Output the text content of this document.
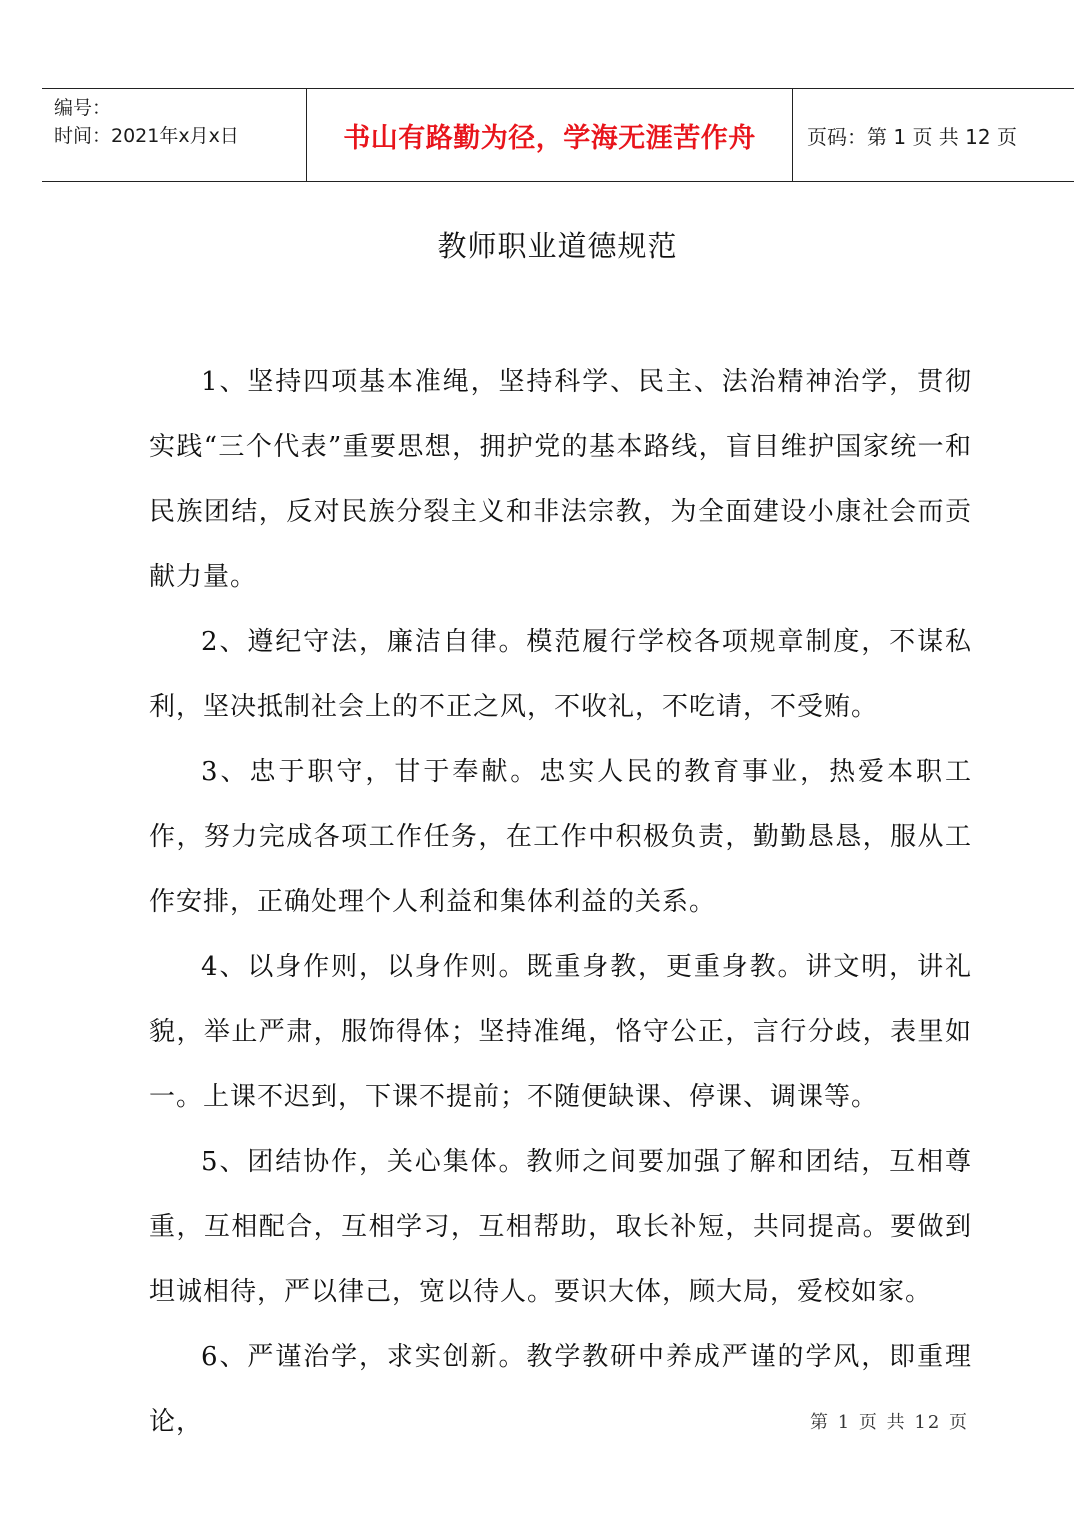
编号：
时间：2021年x月x日	书山有路勤为径，学海无涯苦作舟	页码：第 1 页 共 12 页
教师职业道德规范

1、坚持四项基本准绳，坚持科学、民主、法治精神治学，贯彻实践“三个代表”重要思想，拥护党的基本路线，盲目维护国家统一和民族团结，反对民族分裂主义和非法宗教，为全面建设小康社会而贡献力量。

2、遵纪守法，廉洁自律。模范履行学校各项规章制度，不谋私利，坚决抵制社会上的不正之风，不收礼，不吃请，不受贿。

3、忠于职守，甘于奉献。忠实人民的教育事业，热爱本职工作，努力完成各项工作任务，在工作中积极负责，勤勤恳恳，服从工作安排，正确处理个人利益和集体利益的关系。

4、以身作则，以身作则。既重身教，更重身教。讲文明，讲礼貌，举止严肃，服饰得体；坚持准绳，恪守公正，言行分歧，表里如一。上课不迟到，下课不提前；不随便缺课、停课、调课等。

5、团结协作，关心集体。教师之间要加强了解和团结，互相尊重，互相配合，互相学习，互相帮助，取长补短，共同提高。要做到坦诚相待，严以律己，宽以待人。要识大体，顾大局，爱校如家。

6、严谨治学，求实创新。教学教研中养成严谨的学风，即重理论，	第 1 页 共 12 页
